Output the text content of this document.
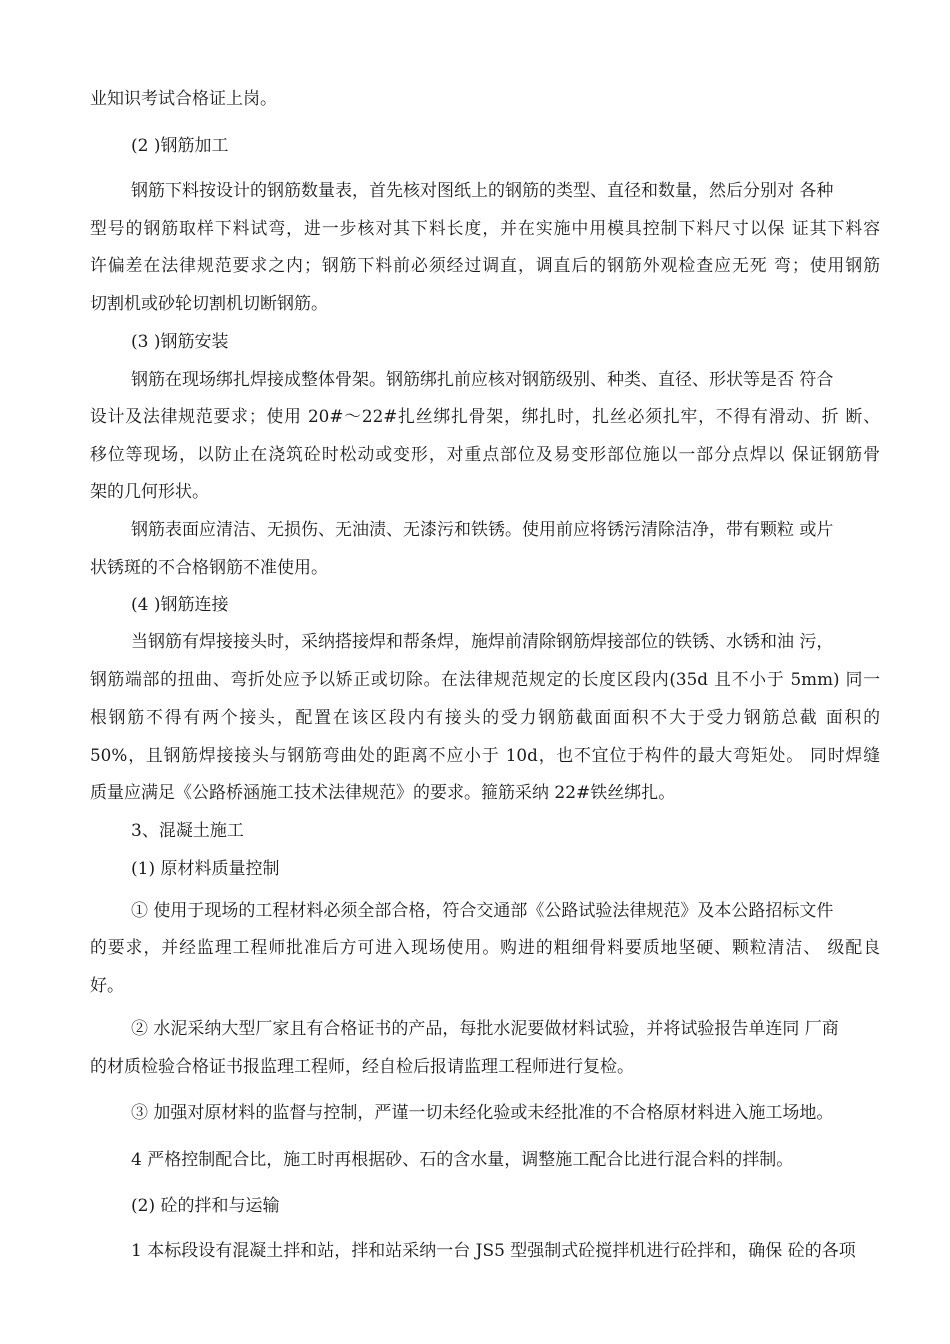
业知识考试合格证上岗。
(2 )钢筋加工
钢筋下料按设计的钢筋数量表，首先核对图纸上的钢筋的类型、直径和数量，然后分别对 各种
型号的钢筋取样下料试弯，进一步核对其下料长度，并在实施中用模具控制下料尺寸以保 证其下料容
许偏差在法律规范要求之内；钢筋下料前必须经过调直，调直后的钢筋外观检查应无死 弯；使用钢筋
切割机或砂轮切割机切断钢筋。
(3 )钢筋安装
钢筋在现场绑扎焊接成整体骨架。钢筋绑扎前应核对钢筋级别、种类、直径、形状等是否 符合
设计及法律规范要求；使用 20#〜22#扎丝绑扎骨架，绑扎时，扎丝必须扎牢，不得有滑动、折 断、
移位等现场，以防止在浇筑砼时松动或变形，对重点部位及易变形部位施以一部分点焊以 保证钢筋骨
架的几何形状。
钢筋表面应清洁、无损伤、无油渍、无漆污和铁锈。使用前应将锈污清除洁净，带有颗粒 或片
状锈斑的不合格钢筋不准使用。
(4 )钢筋连接
当钢筋有焊接接头时，采纳搭接焊和帮条焊，施焊前清除钢筋焊接部位的铁锈、水锈和油 污，
钢筋端部的扭曲、弯折处应予以矫正或切除。在法律规范规定的长度区段内(35d 且不小于 5mm) 同一
根钢筋不得有两个接头，配置在该区段内有接头的受力钢筋截面面积不大于受力钢筋总截 面积的
50%，且钢筋焊接接头与钢筋弯曲处的距离不应小于 10d，也不宜位于构件的最大弯矩处。 同时焊缝
质量应满足《公路桥涵施工技术法律规范》的要求。箍筋采纳 22#铁丝绑扎。
3、混凝土施工
(1) 原材料质量控制
① 使用于现场的工程材料必须全部合格，符合交通部《公路试验法律规范》及本公路招标文件
的要求，并经监理工程师批准后方可进入现场使用。购进的粗细骨料要质地坚硬、颗粒清洁、 级配良
好。
② 水泥采纳大型厂家且有合格证书的产品，每批水泥要做材料试验，并将试验报告单连同 厂商
的材质检验合格证书报监理工程师，经自检后报请监理工程师进行复检。
③ 加强对原材料的监督与控制，严谨一切未经化验或未经批准的不合格原材料进入施工场地。
4 严格控制配合比，施工时再根据砂、石的含水量，调整施工配合比进行混合料的拌制。
(2) 砼的拌和与运输
1 本标段设有混凝土拌和站，拌和站采纳一台 JS5 型强制式砼搅拌机进行砼拌和，确保 砼的各项
